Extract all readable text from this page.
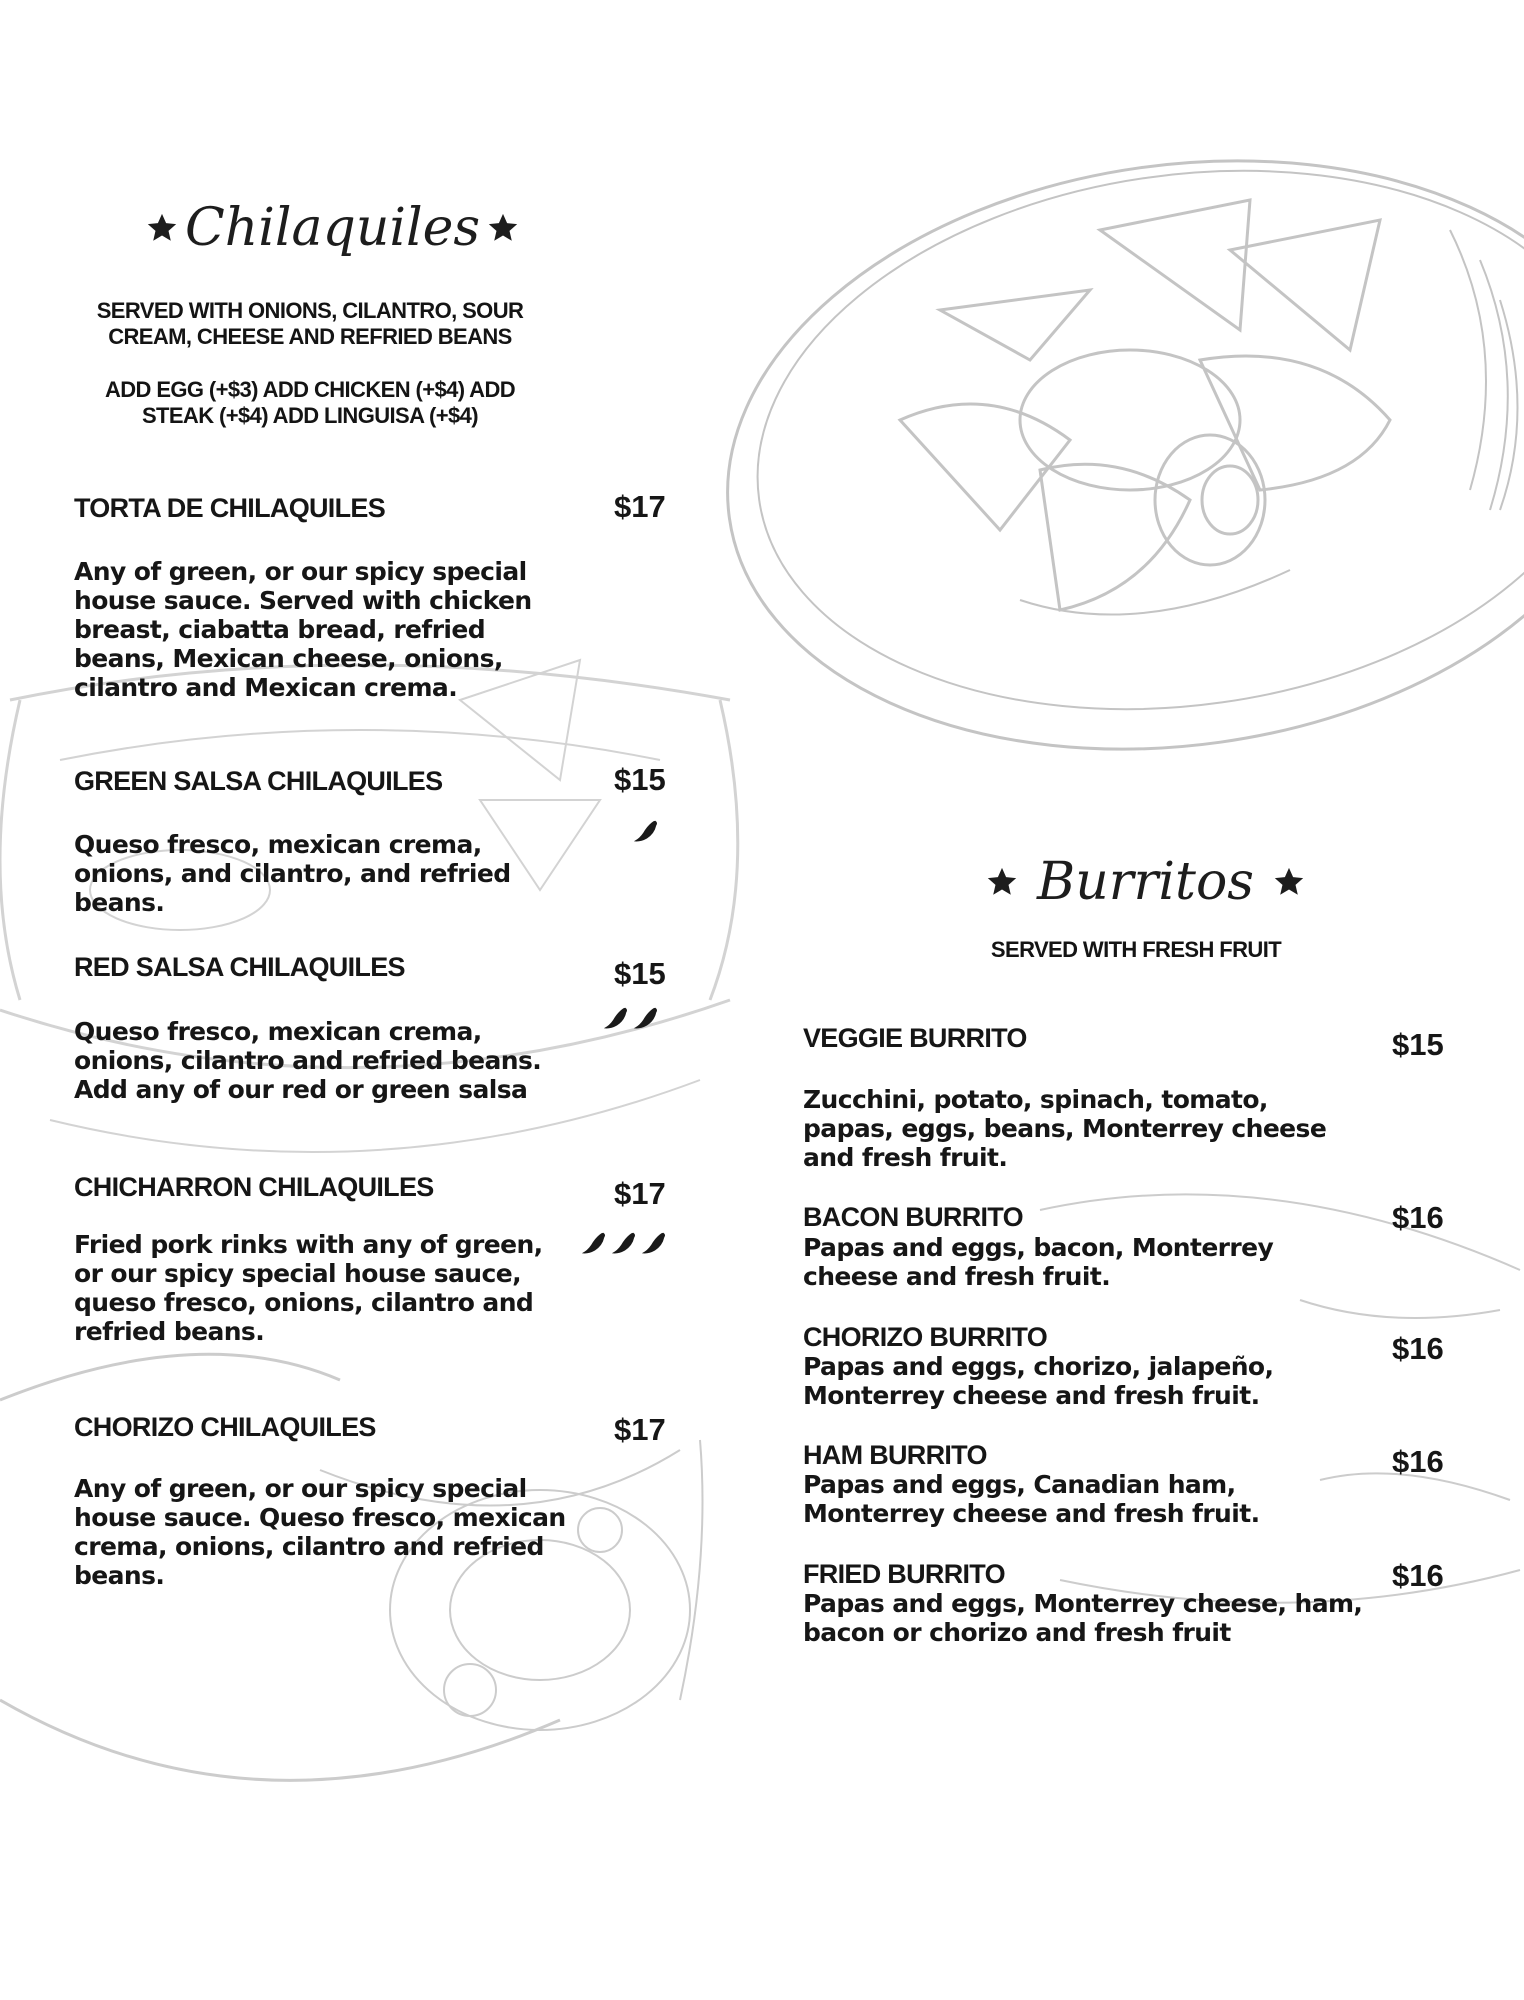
Chilaquiles
SERVED WITH ONIONS, CILANTRO, SOUR CREAM, CHEESE AND REFRIED BEANS
ADD EGG (+$3) ADD CHICKEN (+$4) ADD STEAK (+$4) ADD LINGUISA (+$4)
TORTA DE CHILAQUILES	$17
Any of green, or our spicy special house sauce. Served with chicken breast, ciabatta bread, refried beans, Mexican cheese, onions, cilantro and Mexican crema.
GREEN SALSA CHILAQUILES	$15
Queso fresco, mexican crema, onions, and cilantro, and refried beans.
RED SALSA CHILAQUILES	$15
Queso fresco, mexican crema, onions, cilantro and refried beans. Add any of our red or green salsa
CHICHARRON CHILAQUILES	$17
Fried pork rinks with any of green, or our spicy special house sauce, queso fresco, onions, cilantro and refried beans.
CHORIZO CHILAQUILES	$17
Any of green, or our spicy special house sauce. Queso fresco, mexican crema, onions, cilantro and refried beans.
Burritos
SERVED WITH FRESH FRUIT
VEGGIE BURRITO	$15
Zucchini, potato, spinach, tomato, papas, eggs, beans, Monterrey cheese and fresh fruit.
BACON BURRITO	$16
Papas and eggs, bacon, Monterrey cheese and fresh fruit.
CHORIZO BURRITO	$16
Papas and eggs, chorizo, jalapeño, Monterrey cheese and fresh fruit.
HAM BURRITO	$16
Papas and eggs, Canadian ham, Monterrey cheese and fresh fruit.
FRIED BURRITO	$16
Papas and eggs, Monterrey cheese, ham, bacon or chorizo and fresh fruit
